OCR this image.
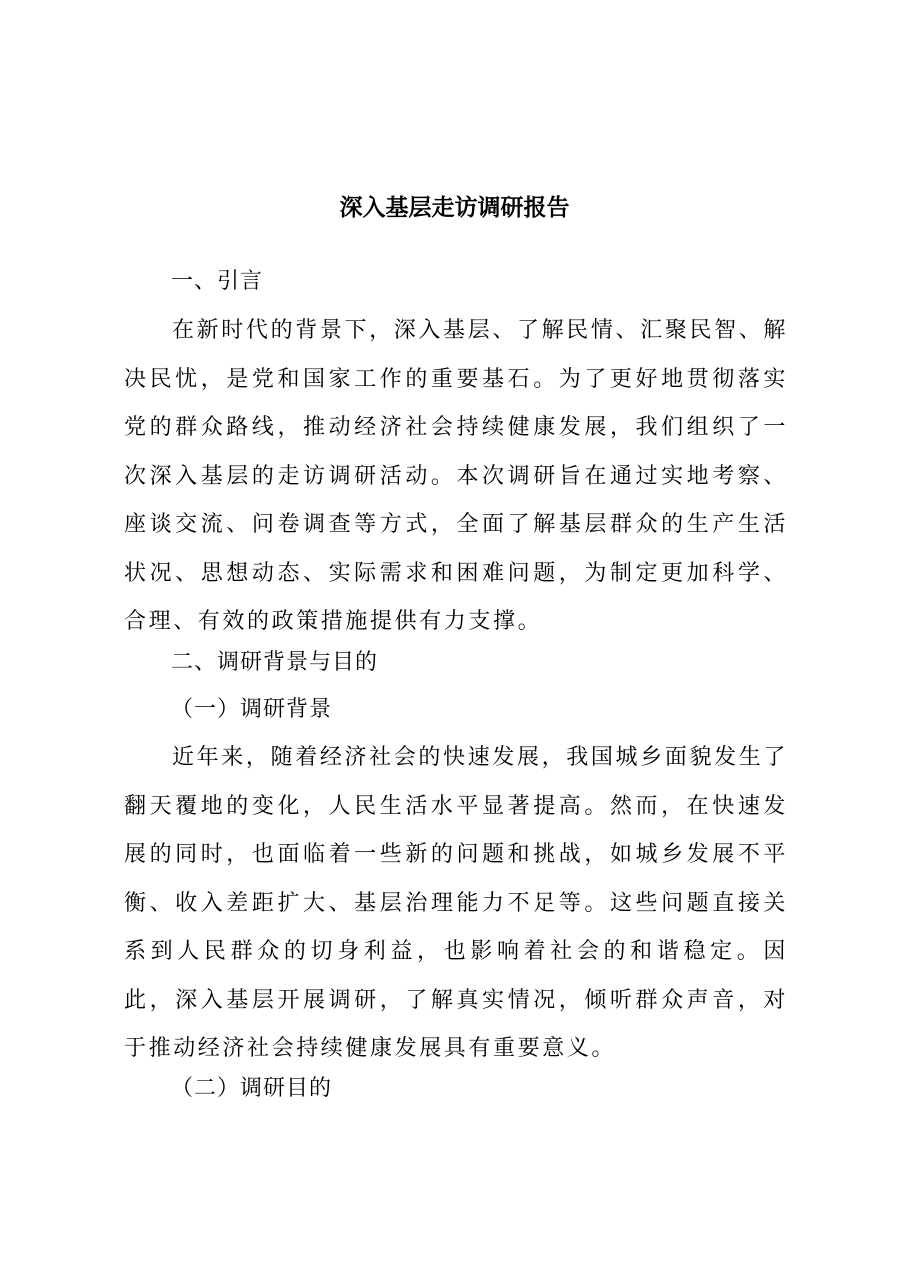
深入基层走访调研报告
一、引言

在新时代的背景下，深入基层、了解民情、汇聚民智、解决民忧，是党和国家工作的重要基石。为了更好地贯彻落实党的群众路线，推动经济社会持续健康发展，我们组织了一次深入基层的走访调研活动。本次调研旨在通过实地考察、座谈交流、问卷调查等方式，全面了解基层群众的生产生活状况、思想动态、实际需求和困难问题，为制定更加科学、合理、有效的政策措施提供有力支撑。

二、调研背景与目的
（一）调研背景

近年来，随着经济社会的快速发展，我国城乡面貌发生了翻天覆地的变化，人民生活水平显著提高。然而，在快速发展的同时，也面临着一些新的问题和挑战，如城乡发展不平衡、收入差距扩大、基层治理能力不足等。这些问题直接关系到人民群众的切身利益，也影响着社会的和谐稳定。因此，深入基层开展调研，了解真实情况，倾听群众声音，对于推动经济社会持续健康发展具有重要意义。

（二）调研目的
